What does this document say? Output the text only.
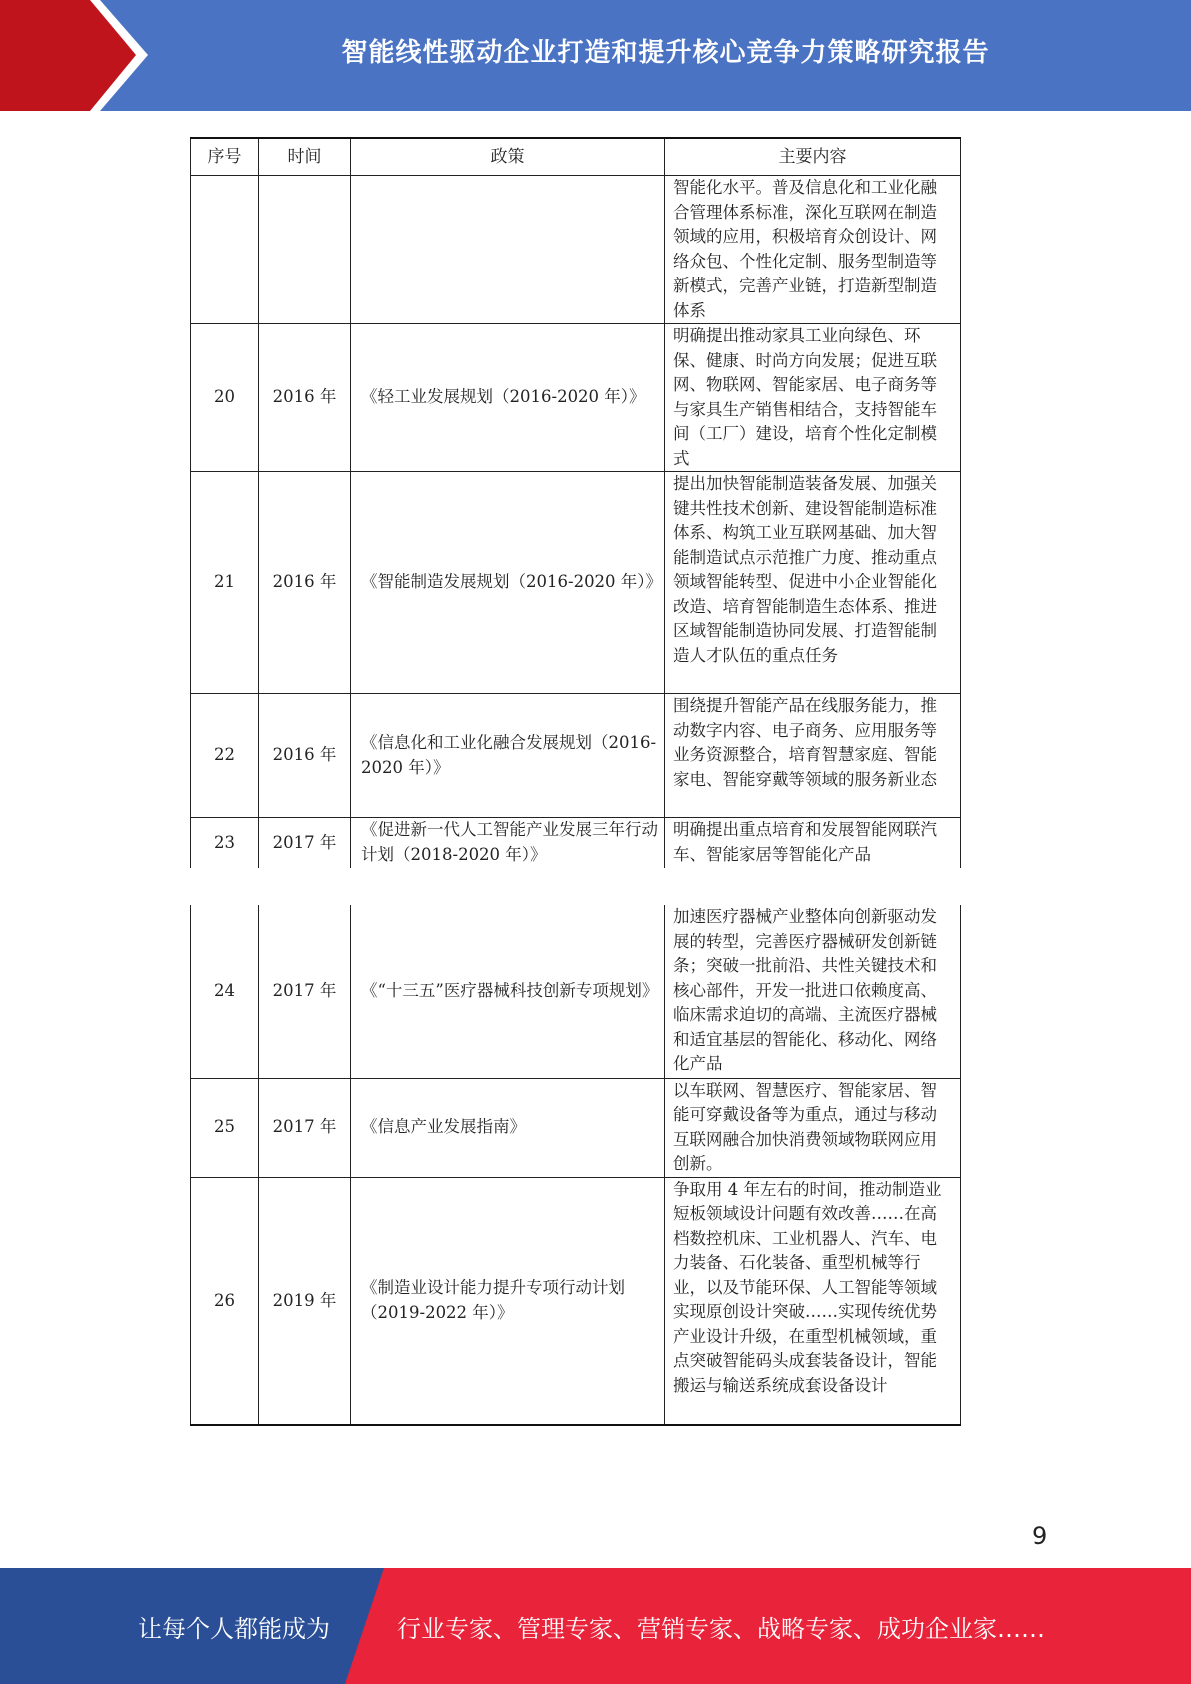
智能线性驱动企业打造和提升核心竞争力策略研究报告
序号	时间	政策	主要内容
			智能化水平。普及信息化和工业化融合管理体系标准，深化互联网在制造领域的应用，积极培育众创设计、网络众包、个性化定制、服务型制造等新模式，完善产业链，打造新型制造体系
20	2016 年	《轻工业发展规划（2016-2020 年）》	明确提出推动家具工业向绿色、环保、健康、时尚方向发展；促进互联网、物联网、智能家居、电子商务等与家具生产销售相结合，支持智能车间（工厂）建设，培育个性化定制模式
21	2016 年	《智能制造发展规划（2016-2020 年）》	提出加快智能制造装备发展、加强关键共性技术创新、建设智能制造标准体系、构筑工业互联网基础、加大智能制造试点示范推广力度、推动重点领域智能转型、促进中小企业智能化改造、培育智能制造生态体系、推进区域智能制造协同发展、打造智能制造人才队伍的重点任务
22	2016 年	《信息化和工业化融合发展规划（2016-2020 年）》	围绕提升智能产品在线服务能力，推动数字内容、电子商务、应用服务等业务资源整合，培育智慧家庭、智能家电、智能穿戴等领域的服务新业态
23	2017 年	《促进新一代人工智能产业发展三年行动计划（2018-2020 年）》	明确提出重点培育和发展智能网联汽车、智能家居等智能化产品
24	2017 年	《“十三五”医疗器械科技创新专项规划》	加速医疗器械产业整体向创新驱动发展的转型，完善医疗器械研发创新链条；突破一批前沿、共性关键技术和核心部件，开发一批进口依赖度高、临床需求迫切的高端、主流医疗器械和适宜基层的智能化、移动化、网络化产品
25	2017 年	《信息产业发展指南》	以车联网、智慧医疗、智能家居、智能可穿戴设备等为重点，通过与移动互联网融合加快消费领域物联网应用创新。
26	2019 年	《制造业设计能力提升专项行动计划（2019-2022 年）》	争取用 4 年左右的时间，推动制造业短板领域设计问题有效改善……在高档数控机床、工业机器人、汽车、电力装备、石化装备、重型机械等行业，以及节能环保、人工智能等领域实现原创设计突破……实现传统优势产业设计升级，在重型机械领域，重点突破智能码头成套装备设计，智能搬运与输送系统成套设备设计
9
让每个人都能成为	行业专家、管理专家、营销专家、战略专家、成功企业家……
